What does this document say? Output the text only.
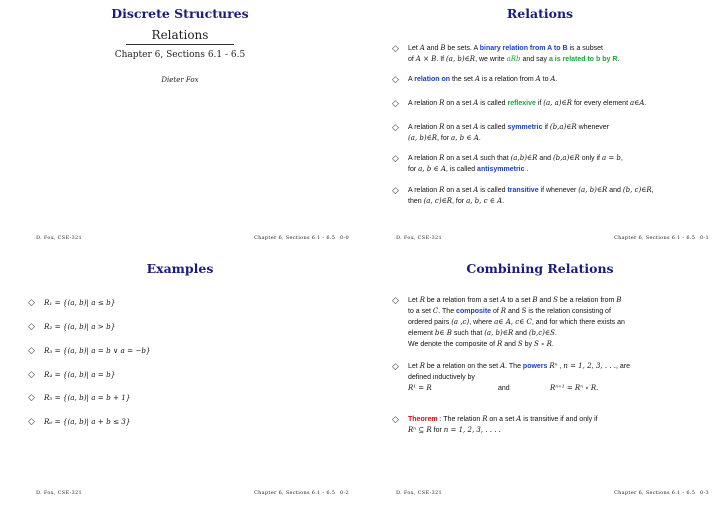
Discrete Structures
Relations
Chapter 6, Sections 6.1 - 6.5
Dieter Fox
D. Fox, CSE-321	Chapter 6, Sections 6.1 - 6.5 0-0
Relations
◇ Let A and B be sets. A binary relation from A to B is a subset
of A × B. If (a, b)∈R, we write aRb and say a is related to b by R.
◇ A relation on the set A is a relation from A to A.
◇ A relation R on a set A is called reflexive if (a, a)∈R for every element a∈A.
◇ A relation R on a set A is called symmetric if (b,a)∈R whenever
(a, b)∈R, for a, b ∈ A.
◇ A relation R on a set A such that (a,b)∈R and (b,a)∈R only if a = b,
for a, b ∈ A, is called antisymmetric .
◇ A relation R on a set A is called transitive if whenever (a, b)∈R and (b, c)∈R,
then (a, c)∈R, for a, b, c ∈ A.
D. Fox, CSE-321	Chapter 6, Sections 6.1 - 6.5 0-1
Examples
◇	R₁ = {(a, b)| a ≤ b}
◇	R₂ = {(a, b)| a > b}
◇	R₃ = {(a, b)| a = b ∨ a = −b}
◇	R₄ = {(a, b)| a = b}
◇	R₅ = {(a, b)| a = b + 1}
◇	R₆ = {(a, b)| a + b ≤ 3}
D. Fox, CSE-321	Chapter 6, Sections 6.1 - 6.5 0-2
Combining Relations
◇ Let R be a relation from a set A to a set B and S be a relation from B
to a set C. The composite of R and S is the relation consisting of
ordered pairs (a ,c), where a∈ A, c∈ C, and for which there exists an
element b∈ B such that (a, b)∈R and (b,c)∈S.
We denote the composite of R and S by S ∘ R.
◇ Let R be a relation on the set A. The powers Rⁿ , n = 1, 2, 3, . . ., are
defined inductively by
R¹ = R	and	Rⁿ⁺¹ = Rⁿ ∘ R.
◇ Theorem : The relation R on a set A is transitive if and only if
Rⁿ ⊆ R for n = 1, 2, 3, . . . .
D. Fox, CSE-321	Chapter 6, Sections 6.1 - 6.5 0-3
